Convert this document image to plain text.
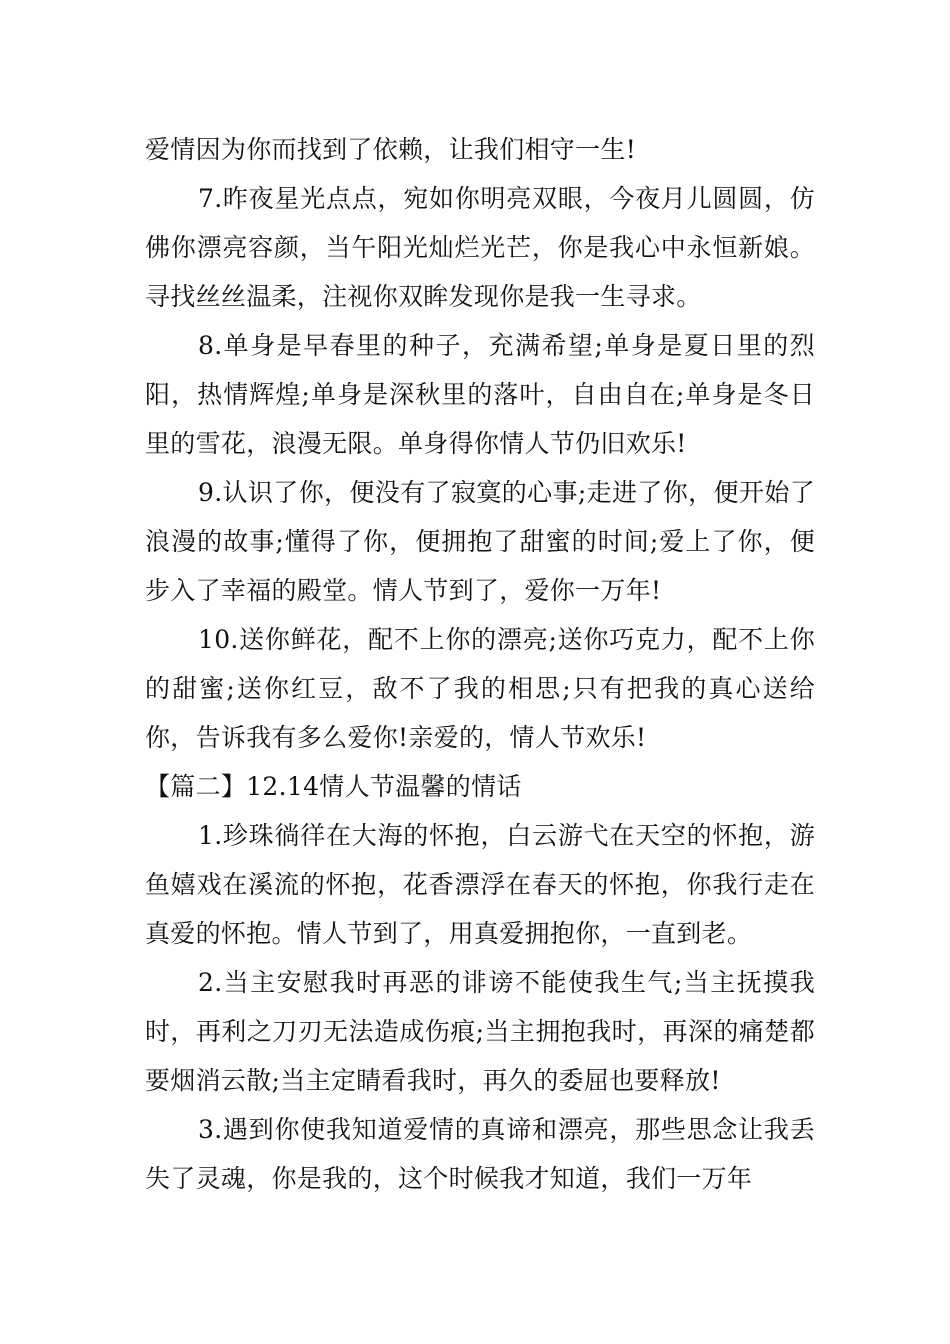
爱情因为你而找到了依赖，让我们相守一生!

7.昨夜星光点点，宛如你明亮双眼，今夜月儿圆圆，仿佛你漂亮容颜，当午阳光灿烂光芒，你是我心中永恒新娘。寻找丝丝温柔，注视你双眸发现你是我一生寻求。

8.单身是早春里的种子，充满希望;单身是夏日里的烈阳，热情辉煌;单身是深秋里的落叶，自由自在;单身是冬日里的雪花，浪漫无限。单身得你情人节仍旧欢乐!

9.认识了你，便没有了寂寞的心事;走进了你，便开始了浪漫的故事;懂得了你，便拥抱了甜蜜的时间;爱上了你，便步入了幸福的殿堂。情人节到了，爱你一万年!

10.送你鲜花，配不上你的漂亮;送你巧克力，配不上你的甜蜜;送你红豆，敌不了我的相思;只有把我的真心送给你，告诉我有多么爱你!亲爱的，情人节欢乐!

【篇二】12.14情人节温馨的情话

1.珍珠徜徉在大海的怀抱，白云游弋在天空的怀抱，游鱼嬉戏在溪流的怀抱，花香漂浮在春天的怀抱，你我行走在真爱的怀抱。情人节到了，用真爱拥抱你，一直到老。

2.当主安慰我时再恶的诽谤不能使我生气;当主抚摸我时，再利之刀刃无法造成伤痕;当主拥抱我时，再深的痛楚都要烟消云散;当主定睛看我时，再久的委屈也要释放!

3.遇到你使我知道爱情的真谛和漂亮，那些思念让我丢失了灵魂，你是我的，这个时候我才知道，我们一万年
